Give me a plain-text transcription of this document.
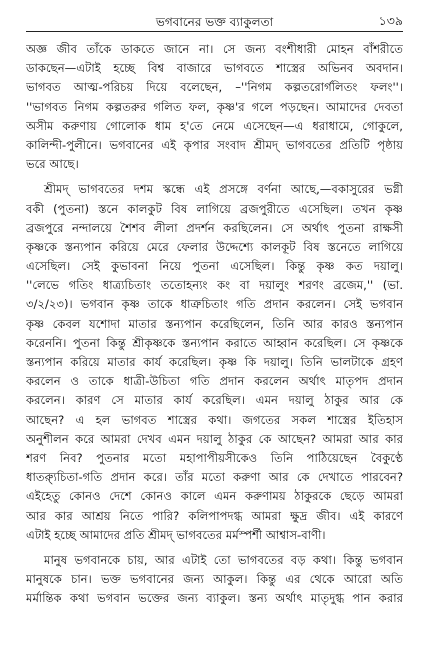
ভগবানের ভক্ত ব্যাকুলতা	১৩৯
অজ্ঞ জীব তাঁকে ডাকতে জানে না। সে জন্য বংশীধারী মোহন বাঁশরীতে
ডাকছেন—এটাই হচ্ছে বিশ্ব বাজারে ভাগবতে শাস্ত্রের অভিনব অবদান।
ভাগবত আত্ম-পরিচয় দিয়ে বলেছেন, –''নিগম কল্পতরোর্গলিতং ফলং''।
''ভাগবত নিগম কল্পতরুর গলিত ফল, কৃষ্ণ'র গলে পড়ছেন। আমাদের দেবতা
অসীম করুণায় গোলোক ধাম হ'তে নেমে এসেছেন—এ ধরাধামে, গোকুলে,
কালিন্দী-পুলীনে। ভগবানের এই কৃপার সংবাদ শ্রীমদ্ ভাগবতের প্রতিটি পৃষ্ঠায়
ভরে আছে।
শ্রীমদ্ ভাগবতের দশম স্কন্ধে এই প্রসঙ্গে বর্ণনা আছে,—বকাসুরের ভগ্নী
বকী (পুতনা) স্তনে কালকুট বিষ লাগিয়ে ব্রজপুরীতে এসেছিল। তখন কৃষ্ণ
ব্রজপুরে নন্দালয়ে শৈশব লীলা প্রদর্শন করছিলেন। সে অর্থাৎ পুতনা রাক্ষসী
কৃষ্ণকে স্তন্যপান করিয়ে মেরে ফেলার উদ্দেশ্যে কালকূট বিষ স্তনেতে লাগিয়ে
এসেছিল। সেই কুভাবনা নিয়ে পুতনা এসেছিল। কিন্তু কৃষ্ণ কত দয়ালু।
''লেভে গতিং ধাত্র্যচিতাং ততোহন্যং কং বা দয়ালুং শরণং ব্রজেম,'' (ভা.
৩/২/২৩)। ভগবান কৃষ্ণ তাকে ধাত্রুচিতাং গতি প্রদান করলেন। সেই ভগবান
কৃষ্ণ কেবল যশোদা মাতার স্তন্যপান করেছিলেন, তিনি আর কারও স্তন্যপান
করেননি। পুতনা কিন্তু শ্রীকৃষ্ণকে স্তন্যপান করাতে আহ্বান করেছিল। সে কৃষ্ণকে
স্তন্যপান করিয়ে মাতার কার্য করেছিল। কৃষ্ণ কি দয়ালু। তিনি ভালটাকে গ্রহণ
করলেন ও তাকে ধাত্রী-উচিতা গতি প্রদান করলেন অর্থাৎ মাতৃপদ প্রদান
করলেন। কারণ সে মাতার কার্য করেছিল। এমন দয়ালু ঠাকুর আর কে
আছেন? এ হল ভাগবত শাস্ত্রের কথা। জগতের সকল শাস্ত্রের ইতিহাস
অনুশীলন করে আমরা দেখব এমন দয়ালু ঠাকুর কে আছেন? আমরা আর কার
শরণ নিব? পুতনার মতো মহাপাপীয়সীকেও তিনি পাঠিয়েছেন বৈকুণ্ঠে
ধাত্র্যুচিতা-গতি প্রদান করে। তাঁর মতো করুণা আর কে দেখাতে পারবেন?
এইহেতু কোনও দেশে কোনও কালে এমন করুণাময় ঠাকুরকে ছেড়ে আমরা
আর কার আশ্রয় নিতে পারি? কলিপাপদগ্ধ আমরা ক্ষুদ্র জীব। এই কারণে
এটাই হচ্ছে আমাদের প্রতি শ্রীমদ্ ভাগবতের মর্মস্পর্শী আশ্বাস-বাণী।
মানুষ ভগবানকে চায়, আর এটাই তো ভাগবতের বড় কথা। কিন্তু ভগবান
মানুষকে চান। ভক্ত ভগবানের জন্য আকুল। কিন্তু এর থেকে আরো অতি
মর্মান্তিক কথা ভগবান ভক্তের জন্য ব্যাকুল। স্তন্য অর্থাৎ মাতৃদুগ্ধ পান করার
